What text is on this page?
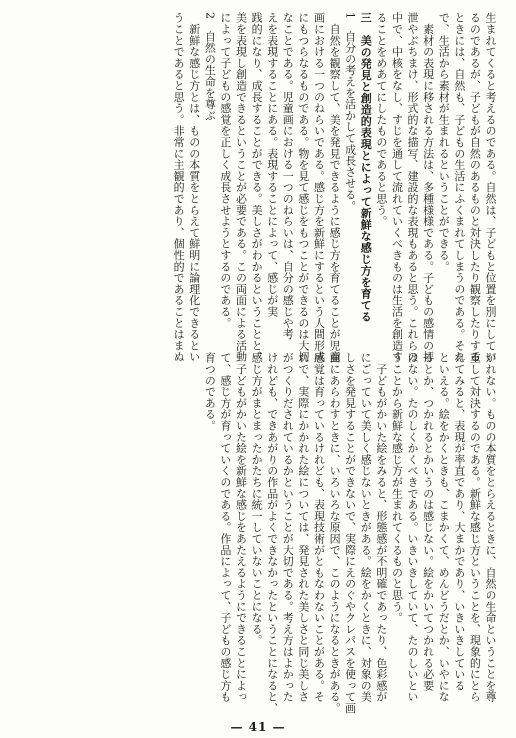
生まれてくると考えるのである。自然は、子どもと位置を別にしてい
るのであるが、子どもが自然のあるものと対決したり観察したりする
ときには、自然も、子どもの生活にふくまれてしまうのである。それ
で、生活から素材が生まれるということができる。
　素材の表現に移される方法は、多種様様である。子どもの感情の拝
泄やぶちまけ、形式的な描写、建設的な表現もあると思う。これらの
中で、中核をなし、すじを通して流れていくべきものは生活を創造す
ることをめあてにしたものであると思う。
三　美の発見と創造的表現とによって新鮮な感じ方を育てる
1　自分の考えを活かして成長させる。
　自然を観察して、美を発見できるように感じ方を育てることが児童
画における一つのねらいである。感じ方を新鮮にするという人間形成
にもつらなるものである。物を見て感じをもつことができるのは大切
なことである。児童画における一つのねらいは、自分の感じや考
えを表現することにある。表現することによって、感じが実
践的になり、成長することができる。美しさがわかるということと、
美を表現し創造できるということが必要である。この両面による活動
によって子どもの感覚を正しく成長させようとするのである。
2　自然の生命を尊ぶ
　新鮮な感じ方とは、ものの本質をとらえて鮮明に論理化できるとい
うことであると思う。非常に主観的であり、個性的であることはまぬ
がれない。ものの本質をとらえるときに、自然の生命ということを尊
重して対決するのである。新鮮な感じ方ということを、現象的にとら
えてみると、表現が率直であり、大まかであり、いきいきしている
といえる。絵をかくときも、こまかくて、めんどうだとか、いやにな
るとか、つかれるとかいうのは感じない。絵をかいてつかれる必要
はない。たのしくかくべきである。いきいきしていて、たのしいとい
うことから新鮮な感じ方が生まれてくるものと思う。
　子どもがかいた絵をみると、形態感が不明確であったり、色彩感が
にごっていて美しく感じないときがある。絵をかくときに、対象の美
しさを発見することができないで、実際にえのぐやクレパスを使って画
面にあらわすときに、いろいろな原因で、このようになるときがある。
感覚は育っているけれども、表現技術がともなわないことがある。そ
れで、実際にかかれた絵については、発見された美しさと同じ美しさ
がつくりだされているかということが大切である。考え方はよかった
けれども、できあがりの作品がよくできなかったということになると、
感じ方がまとまったかたちに統一していないことになる。
　子どもがかいた絵を新鮮な感じをあたえるようにできることによっ
て、感じ方が育っていくのである。作品によって、子どもの感じ方も
育つのである。
— 41 —
